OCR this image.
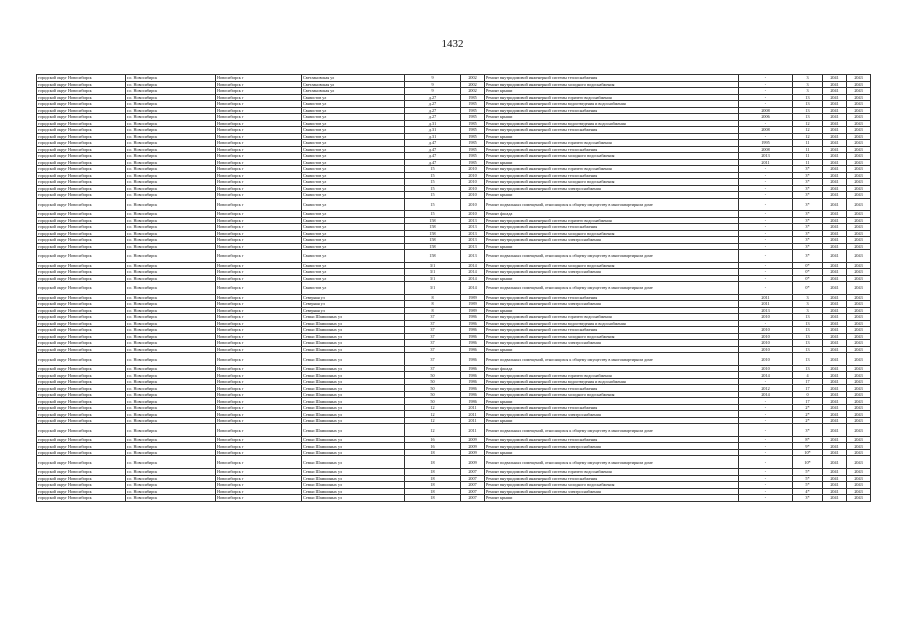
1432
городской округ Новосибирск	г.о. Новосибирск	Новосибирск г	Светлановская ул	9	2002	Ремонт внутридомовой инженерной системы теплоснабжения	-	3	2041	2043
городской округ Новосибирск	г.о. Новосибирск	Новосибирск г	Светлановская ул	9	2002	Ремонт внутридомовой инженерной системы холодного водоснабжения	-	3	2041	2043
городской округ Новосибирск	г.о. Новосибирск	Новосибирск г	Светлановская ул	9	2002	Ремонт крыши	-	3	2041	2043
городской округ Новосибирск	г.о. Новосибирск	Новосибирск г	Связистов ул	д.27	1985	Ремонт внутридомовой инженерной системы горячего водоснабжения	-	13	2041	2043
городской округ Новосибирск	г.о. Новосибирск	Новосибирск г	Связистов ул	д.27	1985	Ремонт внутридомовой инженерной системы водоотведения и водоснабжения	-	13	2041	2043
городской округ Новосибирск	г.о. Новосибирск	Новосибирск г	Связистов ул	д.27	1985	Ремонт внутридомовой инженерной системы теплоснабжения	2008	13	2041	2043
городской округ Новосибирск	г.о. Новосибирск	Новосибирск г	Связистов ул	д.27	1985	Ремонт крыши	2006	13	2041	2043
городской округ Новосибирск	г.о. Новосибирск	Новосибирск г	Связистов ул	д.31	1985	Ремонт внутридомовой инженерной системы водоотведения и водоснабжения	-	12	2041	2043
городской округ Новосибирск	г.о. Новосибирск	Новосибирск г	Связистов ул	д.31	1985	Ремонт внутридомовой инженерной системы теплоснабжения	2008	12	2041	2043
городской округ Новосибирск	г.о. Новосибирск	Новосибирск г	Связистов ул	д.31	1985	Ремонт крыши	-	12	2041	2043
городской округ Новосибирск	г.о. Новосибирск	Новосибирск г	Связистов ул	д.47	1985	Ремонт внутридомовой инженерной системы горячего водоснабжения	1995	11	2041	2043
городской округ Новосибирск	г.о. Новосибирск	Новосибирск г	Связистов ул	д.47	1985	Ремонт внутридомовой инженерной системы теплоснабжения	2008	11	2041	2043
городской округ Новосибирск	г.о. Новосибирск	Новосибирск г	Связистов ул	д.47	1985	Ремонт внутридомовой инженерной системы холодного водоснабжения	2013	11	2041	2043
городской округ Новосибирск	г.о. Новосибирск	Новосибирск г	Связистов ул	д.47	1985	Ремонт крыши	2011	11	2041	2043
городской округ Новосибирск	г.о. Новосибирск	Новосибирск г	Связистов ул	15	2010	Ремонт внутридомовой инженерной системы горячего водоснабжения	-	3*	2041	2043
городской округ Новосибирск	г.о. Новосибирск	Новосибирск г	Связистов ул	15	2010	Ремонт внутридомовой инженерной системы теплоснабжения	-	3*	2041	2043
городской округ Новосибирск	г.о. Новосибирск	Новосибирск г	Связистов ул	15	2010	Ремонт внутридомовой инженерной системы холодного водоснабжения	-	3*	2041	2043
городской округ Новосибирск	г.о. Новосибирск	Новосибирск г	Связистов ул	15	2010	Ремонт внутридомовой инженерной системы электроснабжения	-	3*	2041	2043
городской округ Новосибирск	г.о. Новосибирск	Новосибирск г	Связистов ул	15	2010	Ремонт крыши	-	3*	2041	2043
городской округ Новосибирск	г.о. Новосибирск	Новосибирск г	Связистов ул	15	2010	Ремонт подвальных помещений, относящихся к общему имуществу в многоквартирном доме	-	3*	2041	2043
городской округ Новосибирск	г.о. Новосибирск	Новосибирск г	Связистов ул	15	2010	Ремонт фасада	-	3*	2041	2043
городской округ Новосибирск	г.о. Новосибирск	Новосибирск г	Связистов ул	158	2013	Ремонт внутридомовой инженерной системы горячего водоснабжения	-	3*	2041	2043
городской округ Новосибирск	г.о. Новосибирск	Новосибирск г	Связистов ул	158	2013	Ремонт внутридомовой инженерной системы теплоснабжения	-	3*	2041	2043
городской округ Новосибирск	г.о. Новосибирск	Новосибирск г	Связистов ул	158	2013	Ремонт внутридомовой инженерной системы холодного водоснабжения	-	3*	2041	2043
городской округ Новосибирск	г.о. Новосибирск	Новосибирск г	Связистов ул	158	2013	Ремонт внутридомовой инженерной системы электроснабжения	-	3*	2041	2043
городской округ Новосибирск	г.о. Новосибирск	Новосибирск г	Связистов ул	158	2013	Ремонт крыши	-	3*	2041	2043
городской округ Новосибирск	г.о. Новосибирск	Новосибирск г	Связистов ул	158	2013	Ремонт подвальных помещений, относящихся к общему имуществу в многоквартирном доме	-	3*	2041	2043
городской округ Новосибирск	г.о. Новосибирск	Новосибирск г	Связистов ул	3/1	2014	Ремонт внутридомовой инженерной системы холодного водоснабжения	-	0*	2041	2043
городской округ Новосибирск	г.о. Новосибирск	Новосибирск г	Связистов ул	3/1	2014	Ремонт внутридомовой инженерной системы электроснабжения	-	0*	2041	2043
городской округ Новосибирск	г.о. Новосибирск	Новосибирск г	Связистов ул	3/1	2014	Ремонт крыши	-	0*	2041	2043
городской округ Новосибирск	г.о. Новосибирск	Новосибирск г	Связистов ул	3/1	2014	Ремонт подвальных помещений, относящихся к общему имуществу в многоквартирном доме	-	0*	2041	2043
городской округ Новосибирск	г.о. Новосибирск	Новосибирск г	Северная ул	8	1989	Ремонт внутридомовой инженерной системы теплоснабжения	2011	3	2041	2043
городской округ Новосибирск	г.о. Новосибирск	Новосибирск г	Северная ул	8	1989	Ремонт внутридомовой инженерной системы электроснабжения	2011	3	2041	2043
городской округ Новосибирск	г.о. Новосибирск	Новосибирск г	Северная ул	8	1989	Ремонт крыши	2013	3	2041	2043
городской округ Новосибирск	г.о. Новосибирск	Новосибирск г	Семьи Шамшиных ул	37	1986	Ремонт внутридомовой инженерной системы горячего водоснабжения	2010	13	2041	2043
городской округ Новосибирск	г.о. Новосибирск	Новосибирск г	Семьи Шамшиных ул	37	1986	Ремонт внутридомовой инженерной системы водоотведения и водоснабжения	-	13	2041	2043
городской округ Новосибирск	г.о. Новосибирск	Новосибирск г	Семьи Шамшиных ул	37	1986	Ремонт внутридомовой инженерной системы теплоснабжения	2010	13	2041	2043
городской округ Новосибирск	г.о. Новосибирск	Новосибирск г	Семьи Шамшиных ул	37	1986	Ремонт внутридомовой инженерной системы холодного водоснабжения	2010	13	2041	2043
городской округ Новосибирск	г.о. Новосибирск	Новосибирск г	Семьи Шамшиных ул	37	1986	Ремонт внутридомовой инженерной системы электроснабжения	2010	13	2041	2043
городской округ Новосибирск	г.о. Новосибирск	Новосибирск г	Семьи Шамшиных ул	37	1986	Ремонт крыши	2010	13	2041	2043
городской округ Новосибирск	г.о. Новосибирск	Новосибирск г	Семьи Шамшиных ул	37	1986	Ремонт подвальных помещений, относящихся к общему имуществу в многоквартирном доме	2010	13	2041	2043
городской округ Новосибирск	г.о. Новосибирск	Новосибирск г	Семьи Шамшиных ул	37	1986	Ремонт фасада	2010	13	2041	2043
городской округ Новосибирск	г.о. Новосибирск	Новосибирск г	Семьи Шамшиных ул	50	1986	Ремонт внутридомовой инженерной системы горячего водоснабжения	2014	4	2041	2043
городской округ Новосибирск	г.о. Новосибирск	Новосибирск г	Семьи Шамшиных ул	50	1986	Ремонт внутридомовой инженерной системы водоотведения и водоснабжения	-	17	2041	2043
городской округ Новосибирск	г.о. Новосибирск	Новосибирск г	Семьи Шамшиных ул	50	1986	Ремонт внутридомовой инженерной системы теплоснабжения	2012	17	2041	2043
городской округ Новосибирск	г.о. Новосибирск	Новосибирск г	Семьи Шамшиных ул	50	1986	Ремонт внутридомовой инженерной системы холодного водоснабжения	2014	0	2041	2043
городской округ Новосибирск	г.о. Новосибирск	Новосибирск г	Семьи Шамшиных ул	50	1986	Ремонт крыши	-	17	2041	2043
городской округ Новосибирск	г.о. Новосибирск	Новосибирск г	Семьи Шамшиных ул	12	2011	Ремонт внутридомовой инженерной системы теплоснабжения	-	2*	2041	2043
городской округ Новосибирск	г.о. Новосибирск	Новосибирск г	Семьи Шамшиных ул	12	2011	Ремонт внутридомовой инженерной системы электроснабжения	-	2*	2041	2043
городской округ Новосибирск	г.о. Новосибирск	Новосибирск г	Семьи Шамшиных ул	12	2011	Ремонт крыши	-	2*	2041	2043
городской округ Новосибирск	г.о. Новосибирск	Новосибирск г	Семьи Шамшиных ул	12	2011	Ремонт подвальных помещений, относящихся к общему имуществу в многоквартирном доме	-	3*	2041	2043
городской округ Новосибирск	г.о. Новосибирск	Новосибирск г	Семьи Шамшиных ул	16	2009	Ремонт внутридомовой инженерной системы теплоснабжения	-	8*	2041	2043
городской округ Новосибирск	г.о. Новосибирск	Новосибирск г	Семьи Шамшиных ул	16	2009	Ремонт внутридомовой инженерной системы электроснабжения	-	9*	2041	2043
городской округ Новосибирск	г.о. Новосибирск	Новосибирск г	Семьи Шамшиных ул	18	2009	Ремонт крыши	-	10*	2041	2043
городской округ Новосибирск	г.о. Новосибирск	Новосибирск г	Семьи Шамшиных ул	18	2009	Ремонт подвальных помещений, относящихся к общему имуществу в многоквартирном доме	-	10*	2041	2043
городской округ Новосибирск	г.о. Новосибирск	Новосибирск г	Семьи Шамшиных ул	18	2007	Ремонт внутридомовой инженерной системы горячего водоснабжения	-	5*	2041	2043
городской округ Новосибирск	г.о. Новосибирск	Новосибирск г	Семьи Шамшиных ул	18	2007	Ремонт внутридомовой инженерной системы теплоснабжения	-	5*	2041	2043
городской округ Новосибирск	г.о. Новосибирск	Новосибирск г	Семьи Шамшиных ул	18	2007	Ремонт внутридомовой инженерной системы холодного водоснабжения	-	5*	2041	2043
городской округ Новосибирск	г.о. Новосибирск	Новосибирск г	Семьи Шамшиных ул	18	2007	Ремонт внутридомовой инженерной системы электроснабжения	-	4*	2041	2043
городской округ Новосибирск	г.о. Новосибирск	Новосибирск г	Семьи Шамшиных ул	18	2007	Ремонт крыши	-	3*	2041	2043
